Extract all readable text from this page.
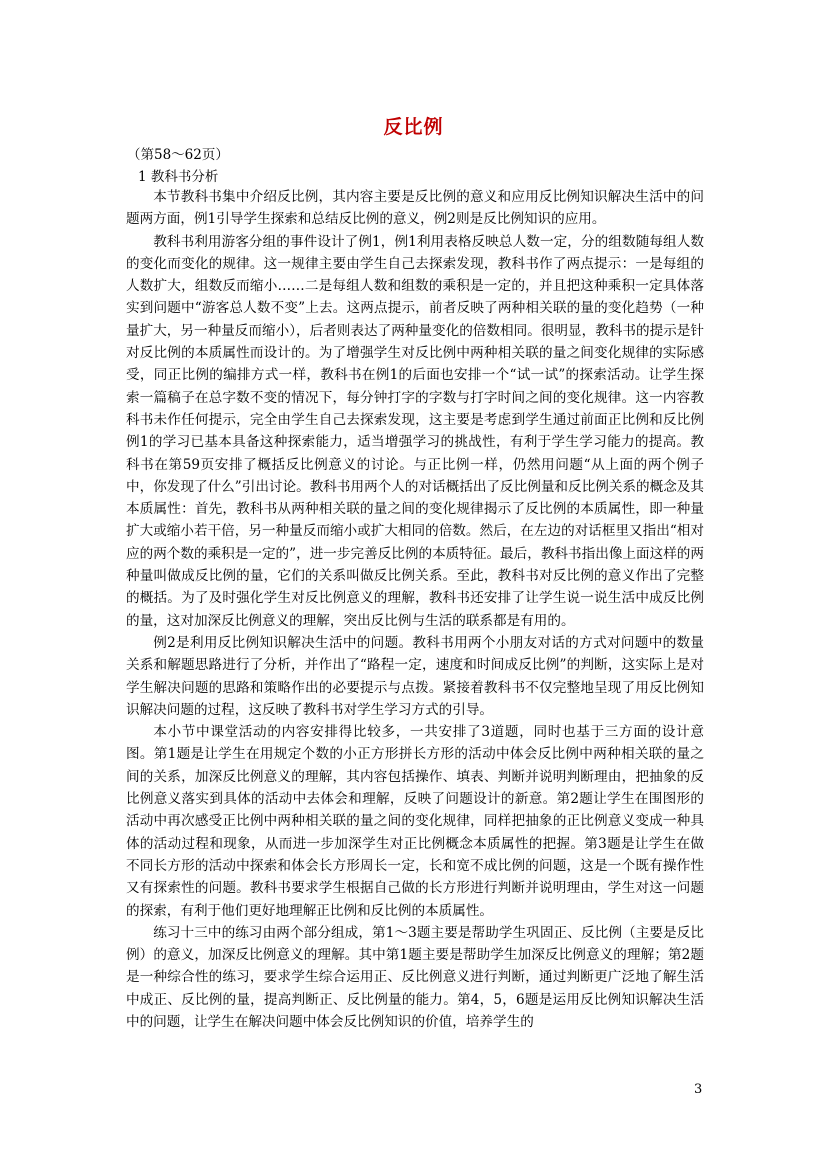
反比例
（第58～62页）
1 教科书分析

本节教科书集中介绍反比例，其内容主要是反比例的意义和应用反比例知识解决生活中的问题两方面，例1引导学生探索和总结反比例的意义，例2则是反比例知识的应用。

教科书利用游客分组的事件设计了例1，例1利用表格反映总人数一定，分的组数随每组人数的变化而变化的规律。这一规律主要由学生自己去探索发现，教科书作了两点提示：一是每组的人数扩大，组数反而缩小……二是每组人数和组数的乘积是一定的，并且把这种乘积一定具体落实到问题中“游客总人数不变”上去。这两点提示，前者反映了两种相关联的量的变化趋势（一种量扩大，另一种量反而缩小），后者则表达了两种量变化的倍数相同。很明显，教科书的提示是针对反比例的本质属性而设计的。为了增强学生对反比例中两种相关联的量之间变化规律的实际感受，同正比例的编排方式一样，教科书在例1的后面也安排一个“试一试”的探索活动。让学生探索一篇稿子在总字数不变的情况下，每分钟打字的字数与打字时间之间的变化规律。这一内容教科书未作任何提示，完全由学生自己去探索发现，这主要是考虑到学生通过前面正比例和反比例例1的学习已基本具备这种探索能力，适当增强学习的挑战性，有利于学生学习能力的提高。教科书在第59页安排了概括反比例意义的讨论。与正比例一样，仍然用问题“从上面的两个例子中，你发现了什么”引出讨论。教科书用两个人的对话概括出了反比例量和反比例关系的概念及其本质属性：首先，教科书从两种相关联的量之间的变化规律揭示了反比例的本质属性，即一种量扩大或缩小若干倍，另一种量反而缩小或扩大相同的倍数。然后，在左边的对话框里又指出“相对应的两个数的乘积是一定的”，进一步完善反比例的本质特征。最后，教科书指出像上面这样的两种量叫做成反比例的量，它们的关系叫做反比例关系。至此，教科书对反比例的意义作出了完整的概括。为了及时强化学生对反比例意义的理解，教科书还安排了让学生说一说生活中成反比例的量，这对加深反比例意义的理解，突出反比例与生活的联系都是有用的。

例2是利用反比例知识解决生活中的问题。教科书用两个小朋友对话的方式对问题中的数量关系和解题思路进行了分析，并作出了“路程一定，速度和时间成反比例”的判断，这实际上是对学生解决问题的思路和策略作出的必要提示与点拨。紧接着教科书不仅完整地呈现了用反比例知识解决问题的过程，这反映了教科书对学生学习方式的引导。

本小节中课堂活动的内容安排得比较多，一共安排了3道题，同时也基于三方面的设计意图。第1题是让学生在用规定个数的小正方形拼长方形的活动中体会反比例中两种相关联的量之间的关系，加深反比例意义的理解，其内容包括操作、填表、判断并说明判断理由，把抽象的反比例意义落实到具体的活动中去体会和理解，反映了问题设计的新意。第2题让学生在围图形的活动中再次感受正比例中两种相关联的量之间的变化规律，同样把抽象的正比例意义变成一种具体的活动过程和现象，从而进一步加深学生对正比例概念本质属性的把握。第3题是让学生在做不同长方形的活动中探索和体会长方形周长一定，长和宽不成比例的问题，这是一个既有操作性又有探索性的问题。教科书要求学生根据自己做的长方形进行判断并说明理由，学生对这一问题的探索，有利于他们更好地理解正比例和反比例的本质属性。

练习十三中的练习由两个部分组成，第1～3题主要是帮助学生巩固正、反比例（主要是反比例）的意义，加深反比例意义的理解。其中第1题主要是帮助学生加深反比例意义的理解；第2题是一种综合性的练习，要求学生综合运用正、反比例意义进行判断，通过判断更广泛地了解生活中成正、反比例的量，提高判断正、反比例量的能力。第4，5，6题是运用反比例知识解决生活中的问题，让学生在解决问题中体会反比例知识的价值，培养学生的

3
